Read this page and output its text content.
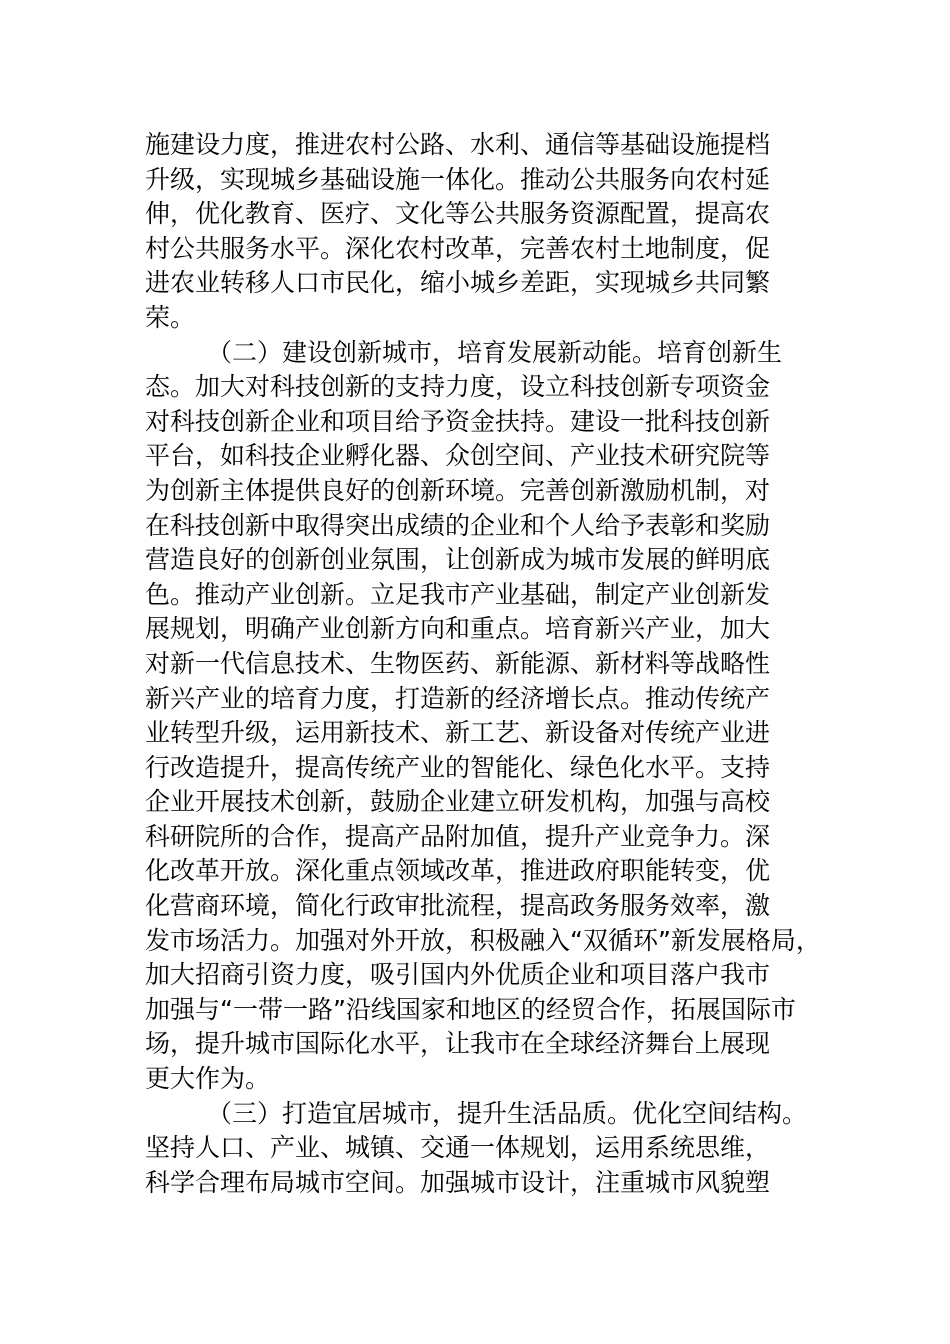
施建设力度，推进农村公路、水利、通信等基础设施提档
升级，实现城乡基础设施一体化。推动公共服务向农村延
伸，优化教育、医疗、文化等公共服务资源配置，提高农
村公共服务水平。深化农村改革，完善农村土地制度，促
进农业转移人口市民化，缩小城乡差距，实现城乡共同繁
荣。
（二）建设创新城市，培育发展新动能。培育创新生
态。加大对科技创新的支持力度，设立科技创新专项资金
对科技创新企业和项目给予资金扶持。建设一批科技创新
平台，如科技企业孵化器、众创空间、产业技术研究院等
为创新主体提供良好的创新环境。完善创新激励机制，对
在科技创新中取得突出成绩的企业和个人给予表彰和奖励
营造良好的创新创业氛围，让创新成为城市发展的鲜明底
色。推动产业创新。立足我市产业基础，制定产业创新发
展规划，明确产业创新方向和重点。培育新兴产业，加大
对新一代信息技术、生物医药、新能源、新材料等战略性
新兴产业的培育力度，打造新的经济增长点。推动传统产
业转型升级，运用新技术、新工艺、新设备对传统产业进
行改造提升，提高传统产业的智能化、绿色化水平。支持
企业开展技术创新，鼓励企业建立研发机构，加强与高校
科研院所的合作，提高产品附加值，提升产业竞争力。深
化改革开放。深化重点领域改革，推进政府职能转变，优
化营商环境，简化行政审批流程，提高政务服务效率，激
发市场活力。加强对外开放，积极融入“双循环”新发展格局，
加大招商引资力度，吸引国内外优质企业和项目落户我市
加强与“一带一路”沿线国家和地区的经贸合作，拓展国际市
场，提升城市国际化水平，让我市在全球经济舞台上展现
更大作为。
（三）打造宜居城市，提升生活品质。优化空间结构。
坚持人口、产业、城镇、交通一体规划，运用系统思维，
科学合理布局城市空间。加强城市设计，注重城市风貌塑
